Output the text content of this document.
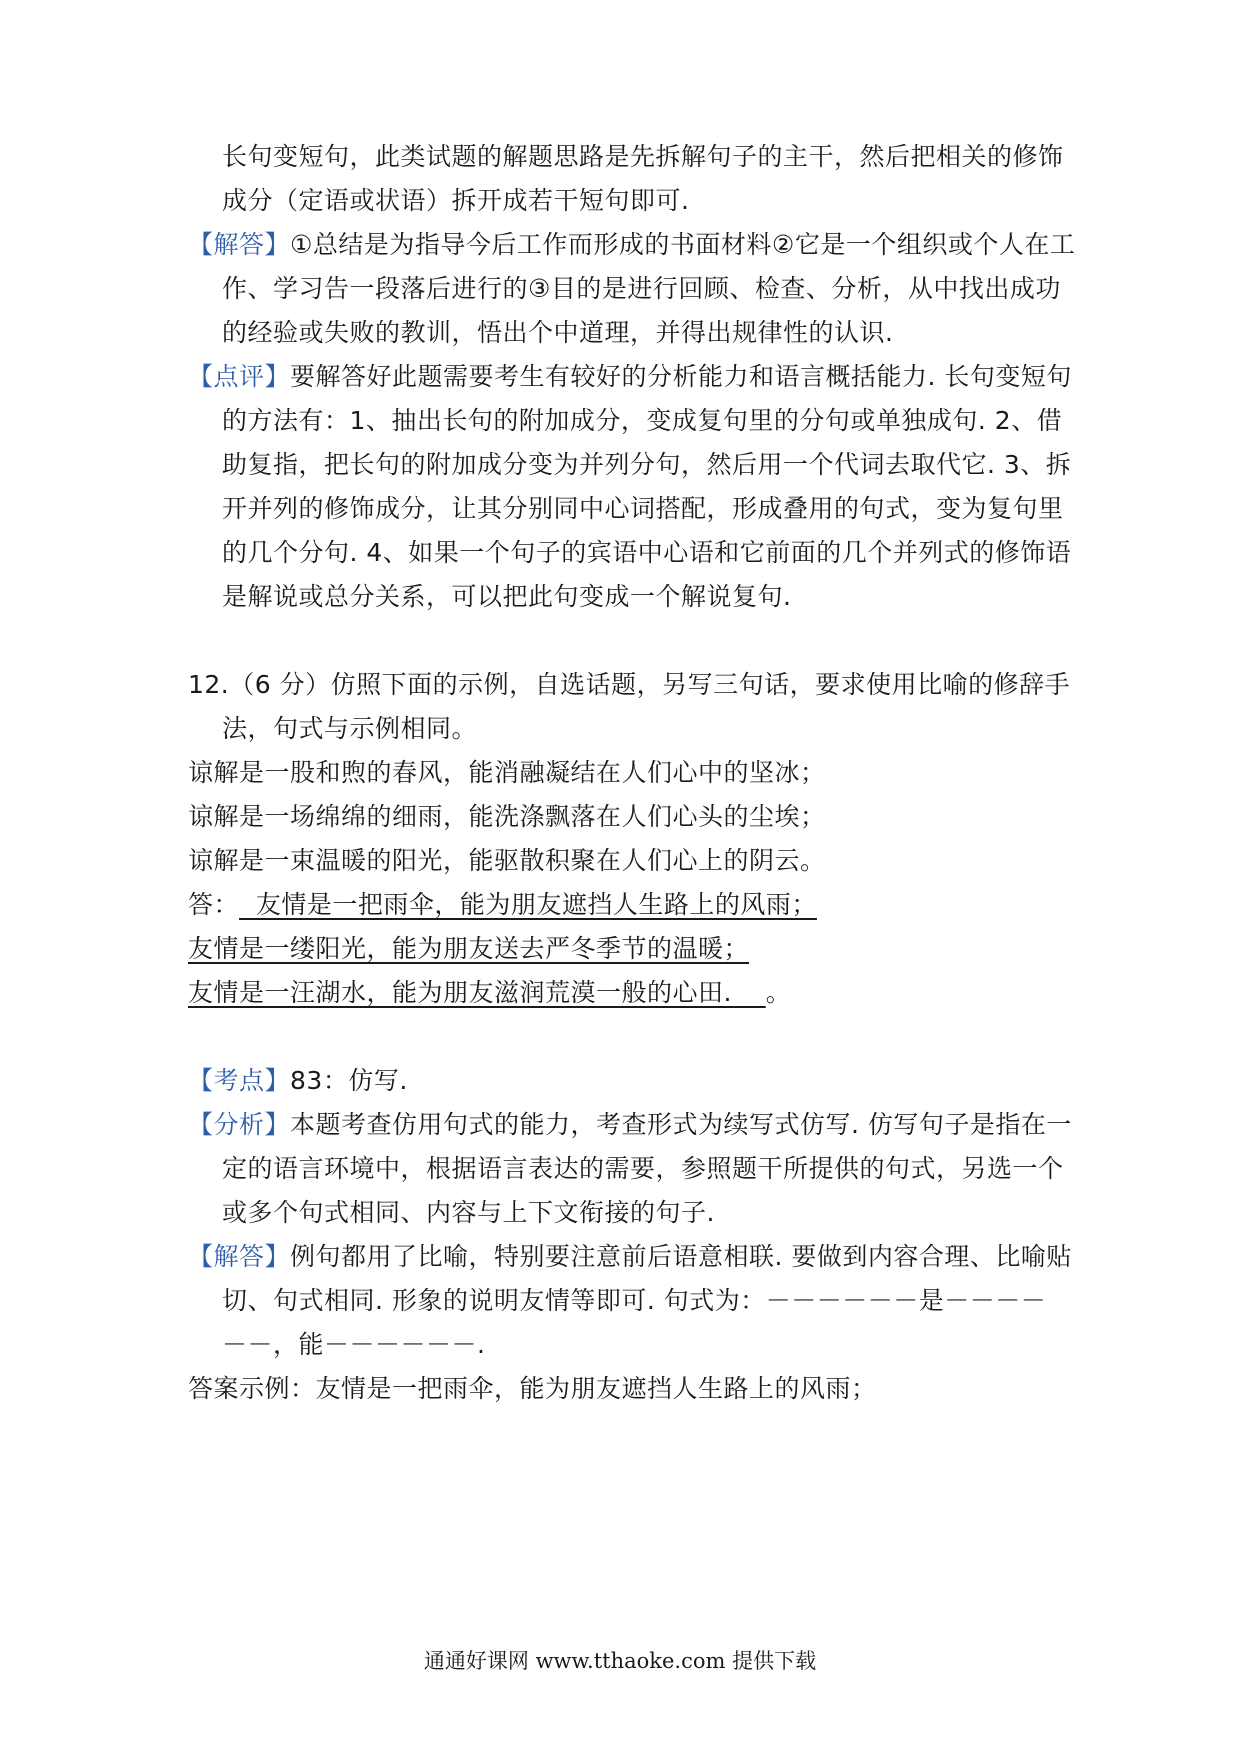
长句变短句，此类试题的解题思路是先拆解句子的主干，然后把相关的修饰
成分（定语或状语）拆开成若干短句即可.
【解答】①总结是为指导今后工作而形成的书面材料②它是一个组织或个人在工
作、学习告一段落后进行的③目的是进行回顾、检查、分析，从中找出成功
的经验或失败的教训，悟出个中道理，并得出规律性的认识.
【点评】要解答好此题需要考生有较好的分析能力和语言概括能力. 长句变短句
的方法有：1、抽出长句的附加成分，变成复句里的分句或单独成句. 2、借
助复指，把长句的附加成分变为并列分句，然后用一个代词去取代它. 3、拆
开并列的修饰成分，让其分别同中心词搭配，形成叠用的句式，变为复句里
的几个分句. 4、如果一个句子的宾语中心语和它前面的几个并列式的修饰语
是解说或总分关系，可以把此句变成一个解说复句.
12.（6 分）仿照下面的示例，自选话题，另写三句话，要求使用比喻的修辞手
法，句式与示例相同。
谅解是一股和煦的春风，能消融凝结在人们心中的坚冰；
谅解是一场绵绵的细雨，能洗涤飘落在人们心头的尘埃；
谅解是一束温暖的阳光，能驱散积聚在人们心上的阴云。
答：  友情是一把雨伞，能为朋友遮挡人生路上的风雨；
友情是一缕阳光，能为朋友送去严冬季节的温暖；
友情是一汪湖水，能为朋友滋润荒漠一般的心田.    。
【考点】83：仿写.
【分析】本题考查仿用句式的能力，考查形式为续写式仿写. 仿写句子是指在一
定的语言环境中，根据语言表达的需要，参照题干所提供的句式，另选一个
或多个句式相同、内容与上下文衔接的句子.
【解答】例句都用了比喻，特别要注意前后语意相联. 要做到内容合理、比喻贴
切、句式相同. 形象的说明友情等即可. 句式为：－－－－－－是－－－－
－－，能－－－－－－.
答案示例：友情是一把雨伞，能为朋友遮挡人生路上的风雨；
通通好课网 www.tthaoke.com 提供下载
